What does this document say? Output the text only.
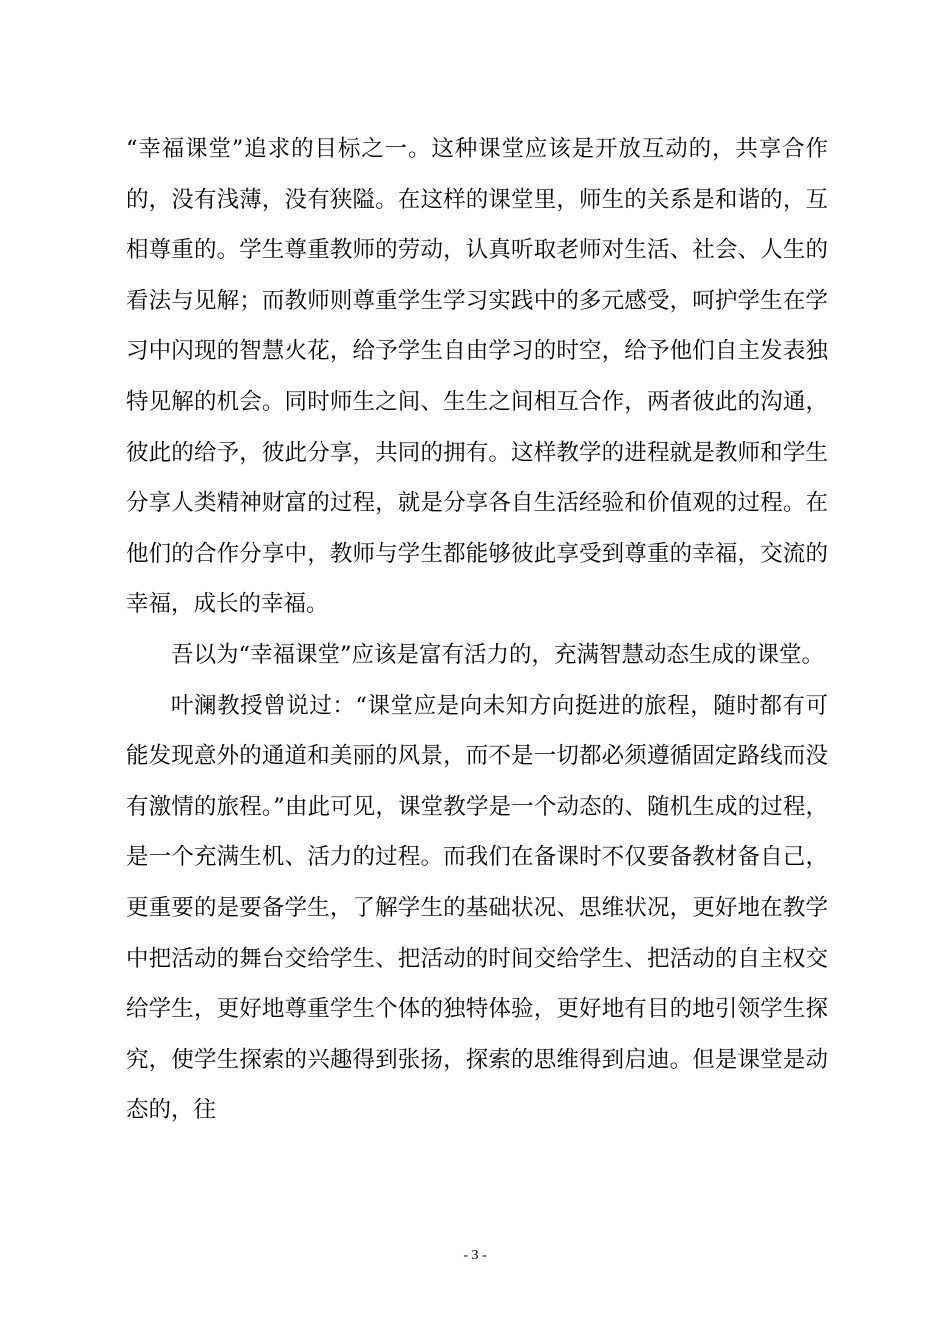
“幸福课堂”追求的目标之一。这种课堂应该是开放互动的，共享合作的，没有浅薄，没有狭隘。在这样的课堂里，师生的关系是和谐的，互相尊重的。学生尊重教师的劳动，认真听取老师对生活、社会、人生的看法与见解；而教师则尊重学生学习实践中的多元感受，呵护学生在学习中闪现的智慧火花，给予学生自由学习的时空，给予他们自主发表独特见解的机会。同时师生之间、生生之间相互合作，两者彼此的沟通，彼此的给予，彼此分享，共同的拥有。这样教学的进程就是教师和学生分享人类精神财富的过程，就是分享各自生活经验和价值观的过程。在他们的合作分享中，教师与学生都能够彼此享受到尊重的幸福，交流的幸福，成长的幸福。

吾以为“幸福课堂”应该是富有活力的，充满智慧动态生成的课堂。

叶澜教授曾说过：“课堂应是向未知方向挺进的旅程，随时都有可能发现意外的通道和美丽的风景，而不是一切都必须遵循固定路线而没有激情的旅程。”由此可见，课堂教学是一个动态的、随机生成的过程，是一个充满生机、活力的过程。而我们在备课时不仅要备教材备自己，更重要的是要备学生，了解学生的基础状况、思维状况，更好地在教学中把活动的舞台交给学生、把活动的时间交给学生、把活动的自主权交给学生，更好地尊重学生个体的独特体验，更好地有目的地引领学生探究，使学生探索的兴趣得到张扬，探索的思维得到启迪。但是课堂是动态的，往

- 3 -
